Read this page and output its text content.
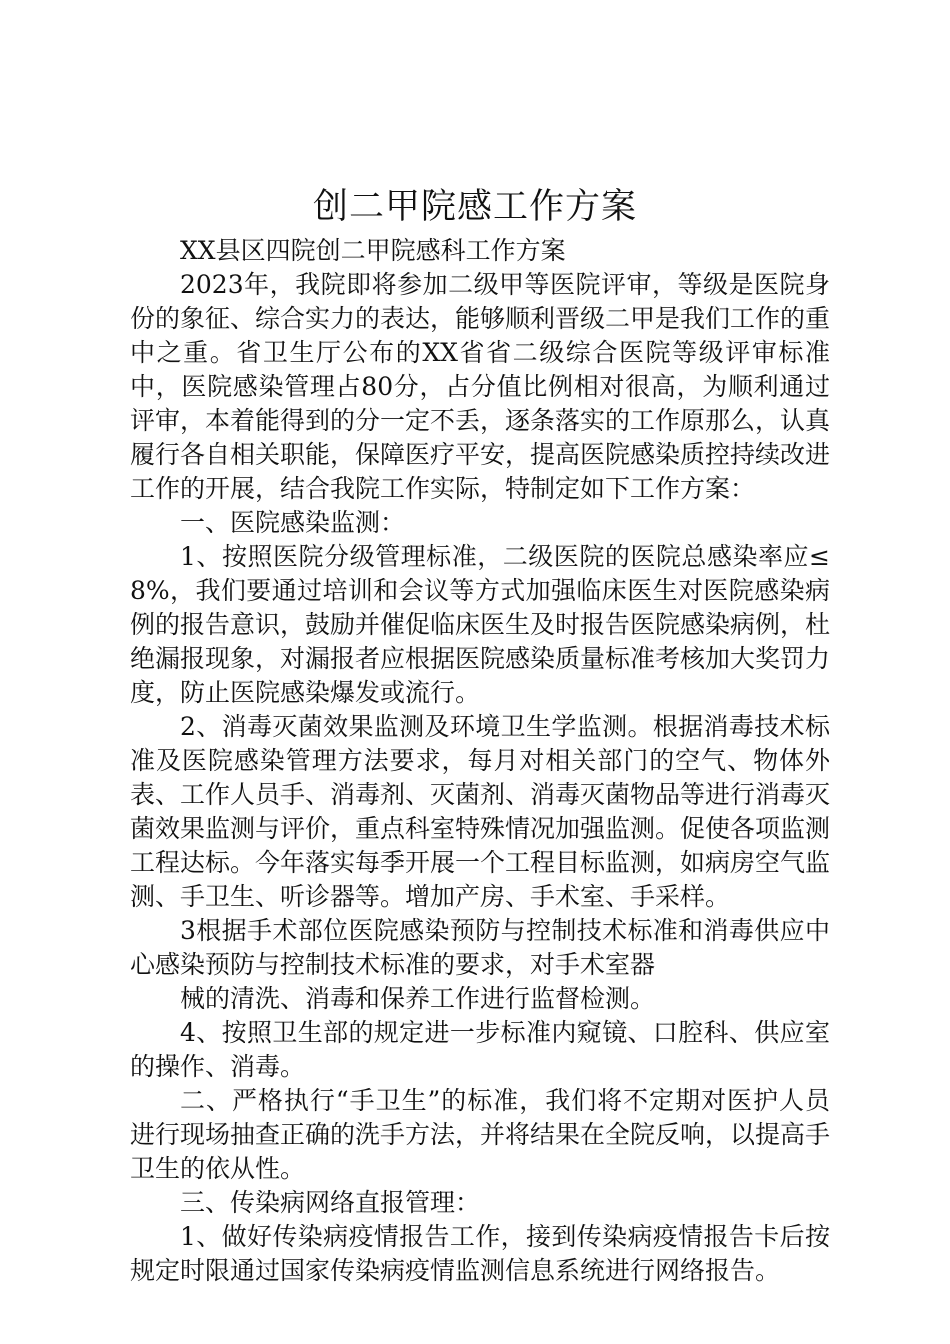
创二甲院感工作方案

XX县区四院创二甲院感科工作方案

2023年，我院即将参加二级甲等医院评审，等级是医院身份的象征、综合实力的表达，能够顺利晋级二甲是我们工作的重中之重。省卫生厅公布的XX省省二级综合医院等级评审标准中，医院感染管理占80分，占分值比例相对很高，为顺利通过评审，本着能得到的分一定不丢，逐条落实的工作原那么，认真履行各自相关职能，保障医疗平安，提高医院感染质控持续改进工作的开展，结合我院工作实际，特制定如下工作方案：

一、医院感染监测：

1、按照医院分级管理标准，二级医院的医院总感染率应≤8%，我们要通过培训和会议等方式加强临床医生对医院感染病例的报告意识，鼓励并催促临床医生及时报告医院感染病例，杜绝漏报现象，对漏报者应根据医院感染质量标准考核加大奖罚力度，防止医院感染爆发或流行。

2、消毒灭菌效果监测及环境卫生学监测。根据消毒技术标准及医院感染管理方法要求，每月对相关部门的空气、物体外表、工作人员手、消毒剂、灭菌剂、消毒灭菌物品等进行消毒灭菌效果监测与评价，重点科室特殊情况加强监测。促使各项监测工程达标。今年落实每季开展一个工程目标监测，如病房空气监测、手卫生、听诊器等。增加产房、手术室、手采样。

3根据手术部位医院感染预防与控制技术标准和消毒供应中心感染预防与控制技术标准的要求，对手术室器

械的清洗、消毒和保养工作进行监督检测。

4、按照卫生部的规定进一步标准内窥镜、口腔科、供应室的操作、消毒。

二、严格执行“手卫生”的标准，我们将不定期对医护人员进行现场抽查正确的洗手方法，并将结果在全院反响，以提高手卫生的依从性。

三、传染病网络直报管理：

1、做好传染病疫情报告工作，接到传染病疫情报告卡后按规定时限通过国家传染病疫情监测信息系统进行网络报告。
